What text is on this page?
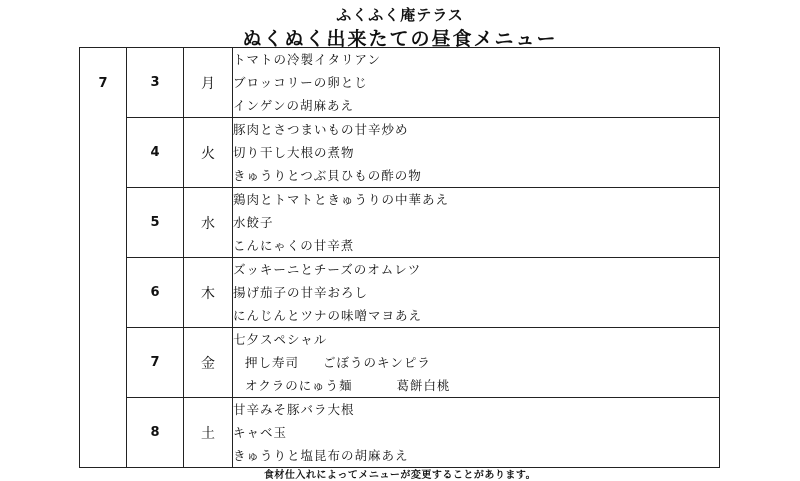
ふくふく庵テラス
ぬくぬく出来たての昼食メニュー
7	3	月	トマトの冷製イタリアン
ブロッコリーの卵とじ
インゲンの胡麻あえ

	4	火	豚肉とさつまいもの甘辛炒め
切り干し大根の煮物
きゅうりとつぶ貝ひもの酢の物

	5	水	鶏肉とトマトときゅうりの中華あえ
水餃子
こんにゃくの甘辛煮

	6	木	ズッキーニとチーズのオムレツ
揚げ茄子の甘辛おろし
にんじんとツナの味噌マヨあえ

	7	金	七夕スペシャル
押し寿司 ごぼうのキンピラ
オクラのにゅう麺 葛餅白桃

	8	土	甘辛みそ豚バラ大根
キャベ玉
きゅうりと塩昆布の胡麻あえ
食材仕入れによってメニューが変更することがあります。
